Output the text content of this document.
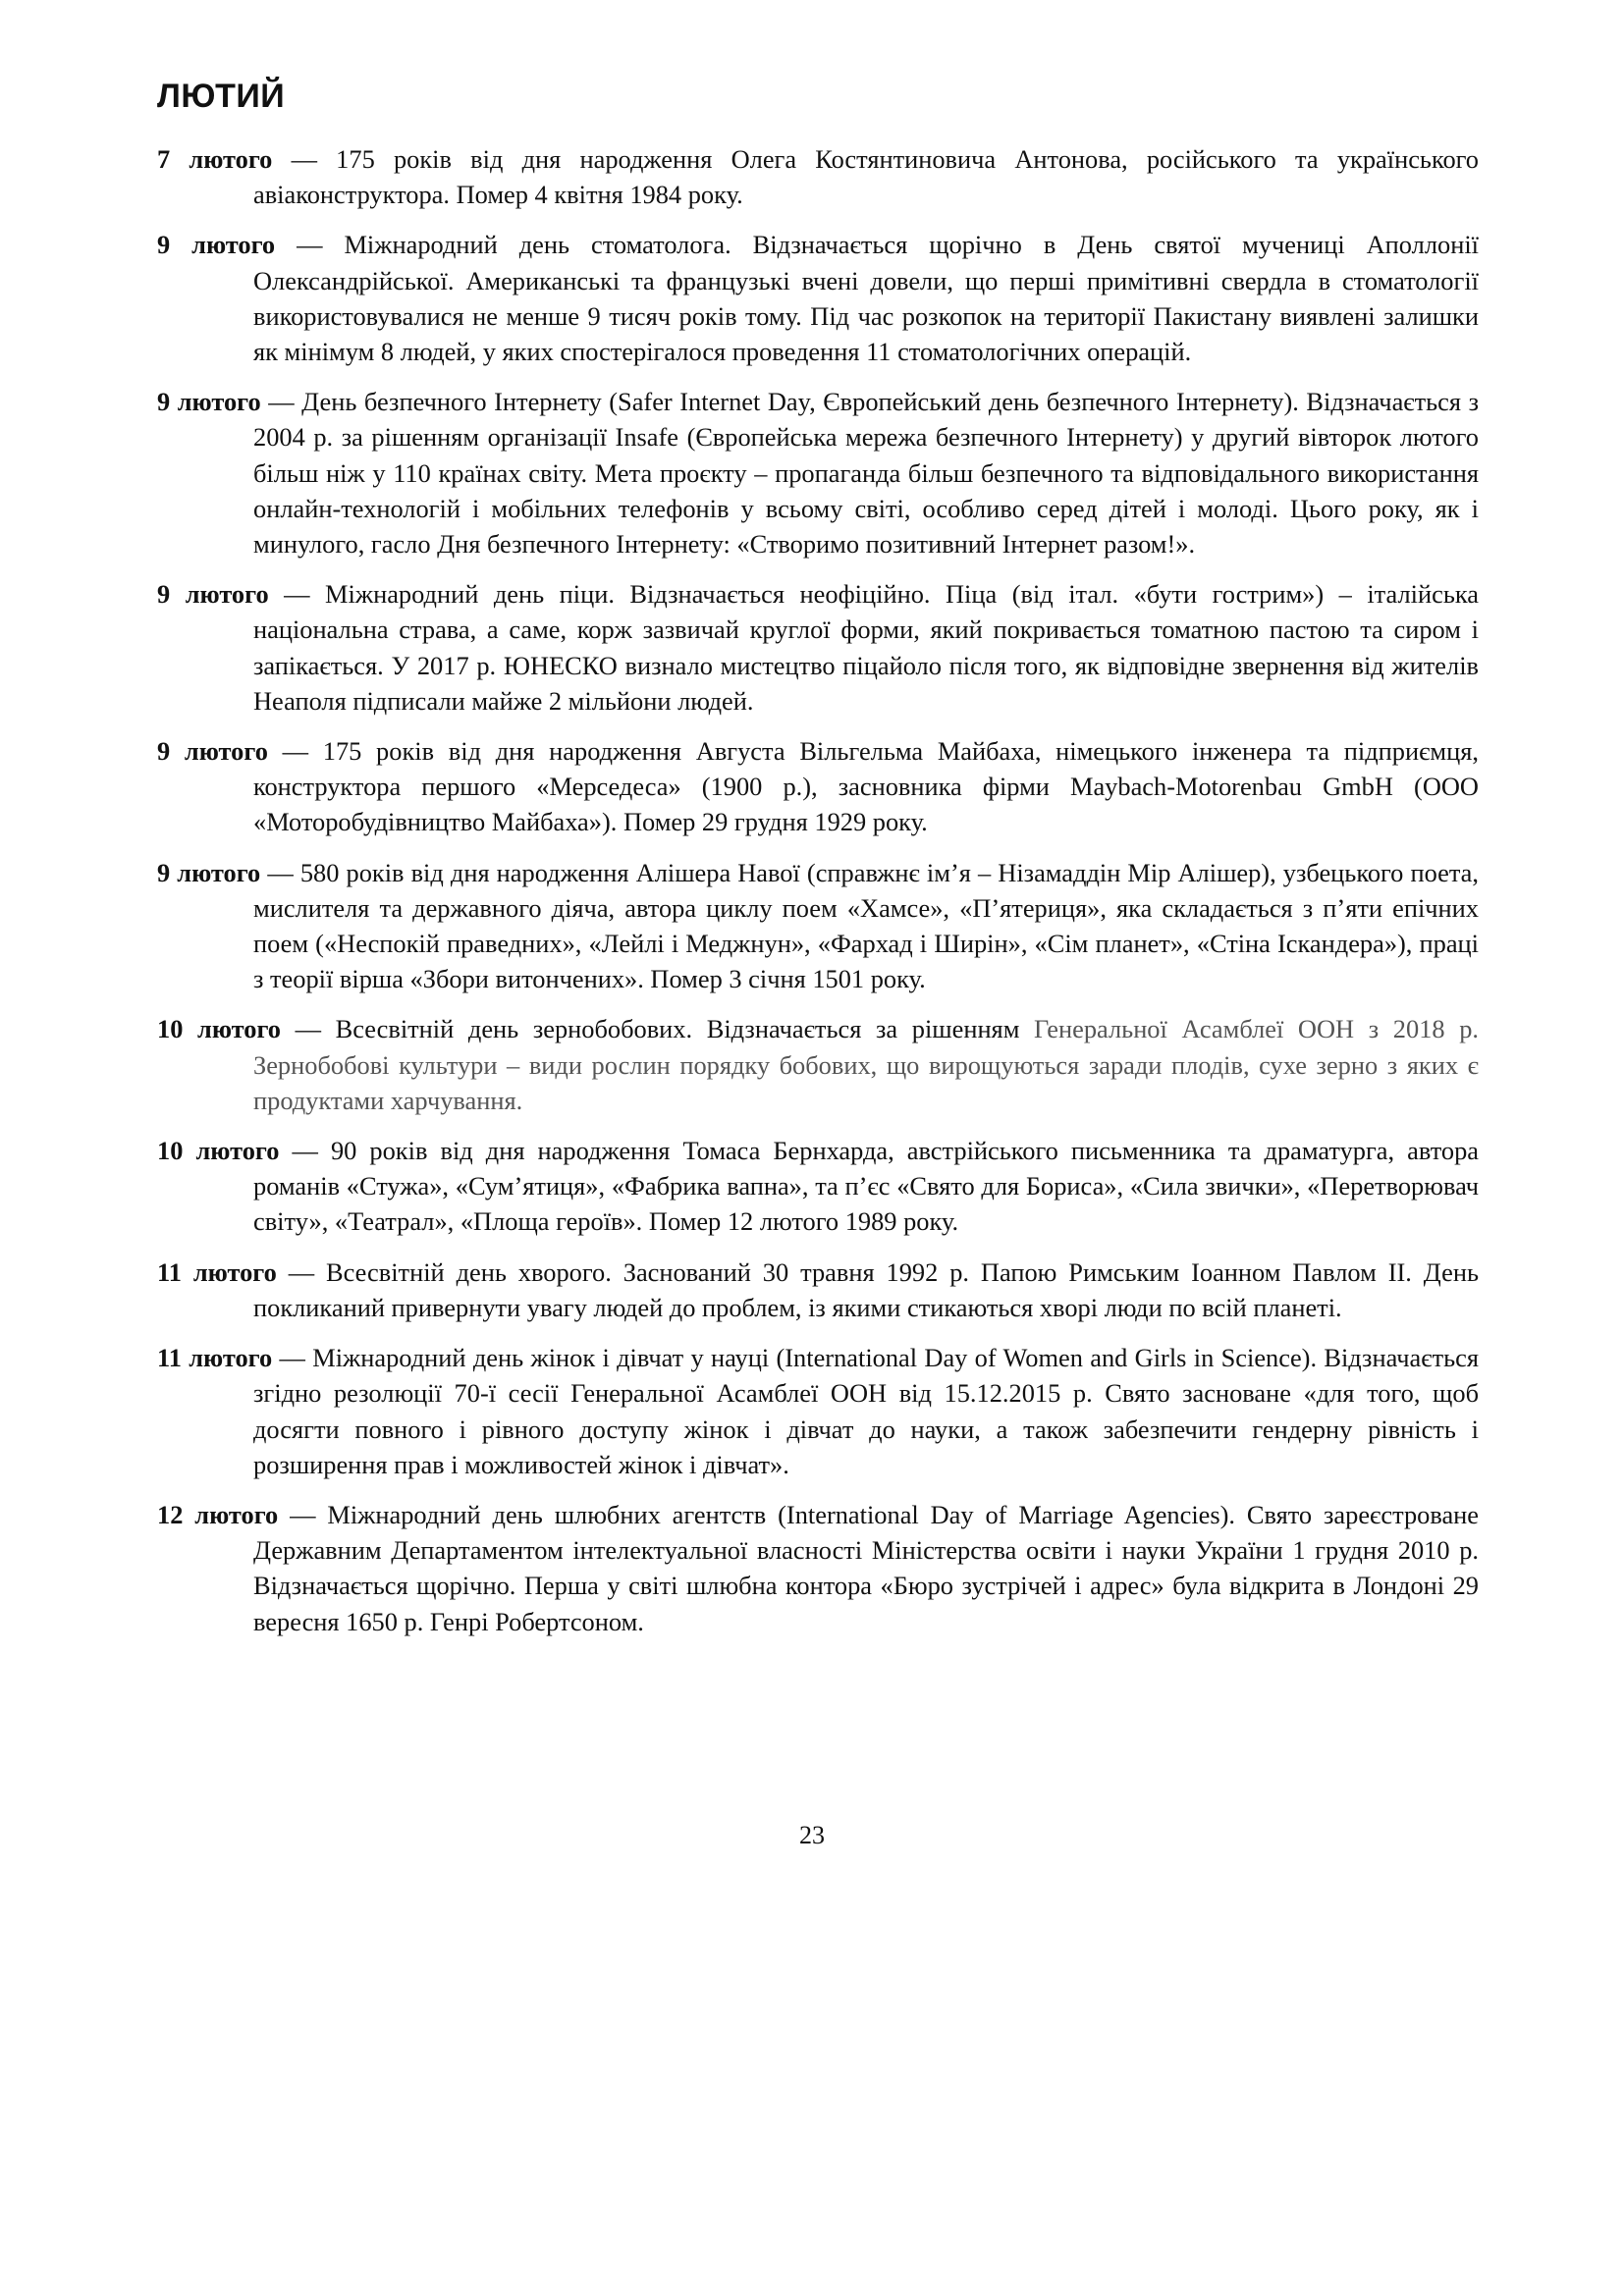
ЛЮТИЙ

7 лютого — 175 років від дня народження Олега Костянтиновича Антонова, російського та українського авіаконструктора. Помер 4 квітня 1984 року.

9 лютого — Міжнародний день стоматолога. Відзначається щорічно в День святої мучениці Аполлонії Олександрійської. Американські та французькі вчені довели, що перші примітивні свердла в стоматології використовувалися не менше 9 тисяч років тому. Під час розкопок на території Пакистану виявлені залишки як мінімум 8 людей, у яких спостерігалося проведення 11 стоматологічних операцій.

9 лютого — День безпечного Інтернету (Safer Internet Day, Європейський день безпечного Інтернету). Відзначається з 2004 р. за рішенням організації Insafe (Європейська мережа безпечного Інтернету) у другий вівторок лютого більш ніж у 110 країнах світу. Мета проєкту – пропаганда більш безпечного та відповідального використання онлайн-технологій і мобільних телефонів у всьому світі, особливо серед дітей і молоді. Цього року, як і минулого, гасло Дня безпечного Інтернету: «Створимо позитивний Інтернет разом!».

9 лютого — Міжнародний день піци. Відзначається неофіційно. Піца (від італ. «бути гострим») – італійська національна страва, а саме, корж зазвичай круглої форми, який покривається томатною пастою та сиром і запікається. У 2017 р. ЮНЕСКО визнало мистецтво піцайоло після того, як відповідне звернення від жителів Неаполя підписали майже 2 мільйони людей.

9 лютого — 175 років від дня народження Августа Вільгельма Майбаха, німецького інженера та підприємця, конструктора першого «Мерседеса» (1900 р.), засновника фірми Maybach-Motorenbau GmbH (ООО «Моторобудівництво Майбаха»). Помер 29 грудня 1929 року.

9 лютого — 580 років від дня народження Алішера Навої (справжнє ім’я – Нізамаддін Мір Алішер), узбецького поета, мислителя та державного діяча, автора циклу поем «Хамсе», «П’ятериця», яка складається з п’яти епічних поем («Неспокій праведних», «Лейлі і Меджнун», «Фархад і Ширін», «Сім планет», «Стіна Іскандера»), праці з теорії вірша «Збори витончених». Помер 3 січня 1501 року.

10 лютого — Всесвітній день зернобобових. Відзначається за рішенням Генеральної Асамблеї ООН з 2018 р. Зернобобові культури – види рослин порядку бобових, що вирощуються заради плодів, сухе зерно з яких є продуктами харчування.

10 лютого — 90 років від дня народження Томаса Бернхарда, австрійського письменника та драматурга, автора романів «Стужа», «Сум’ятиця», «Фабрика вапна», та п’єс «Свято для Бориса», «Сила звички», «Перетворювач світу», «Театрал», «Площа героїв». Помер 12 лютого 1989 року.

11 лютого — Всесвітній день хворого. Заснований 30 травня 1992 р. Папою Римським Іоанном Павлом II. День покликаний привернути увагу людей до проблем, із якими стикаються хворі люди по всій планеті.

11 лютого — Міжнародний день жінок і дівчат у науці (International Day of Women and Girls in Science). Відзначається згідно резолюції 70-ї сесії Генеральної Асамблеї ООН від 15.12.2015 р. Свято засноване «для того, щоб досягти повного і рівного доступу жінок і дівчат до науки, а також забезпечити гендерну рівність і розширення прав і можливостей жінок і дівчат».

12 лютого — Міжнародний день шлюбних агентств (International Day of Marriage Agencies). Свято зареєстроване Державним Департаментом інтелектуальної власності Міністерства освіти і науки України 1 грудня 2010 р. Відзначається щорічно. Перша у світі шлюбна контора «Бюро зустрічей і адрес» була відкрита в Лондоні 29 вересня 1650 р. Генрі Робертсоном.

23
